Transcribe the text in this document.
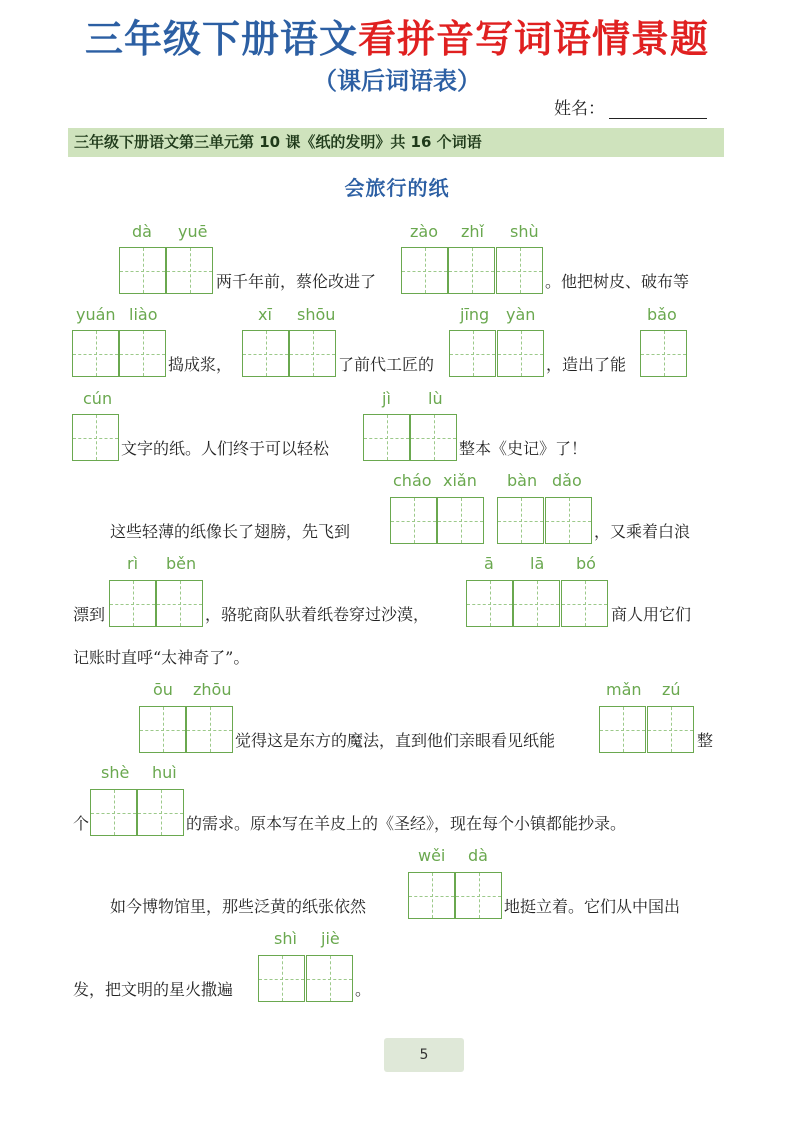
三年级下册语文看拼音写词语情景题
（课后词语表）
姓名：
三年级下册语文第三单元第 10 课《纸的发明》共 16 个词语
会旅行的纸
dà yuē
两千年前，蔡伦改进了
zào zhǐ shù
。他把树皮、破布等
yuán liào
捣成浆，
xī shōu
了前代工匠的
jīng yàn
，造出了能
bǎo
cún
文字的纸。人们终于可以轻松
jì lù
整本《史记》了！
cháo xiǎn
这些轻薄的纸像长了翅膀，先飞到
bàn dǎo
，又乘着白浪
rì běn
漂到	，骆驼商队驮着纸卷穿过沙漠，
ā lā bó
商人用它们
记账时直呼“太神奇了”。
ōu zhōu
觉得这是东方的魔法，直到他们亲眼看见纸能
mǎn zú
整
shè huì
个	的需求。原本写在羊皮上的《圣经》，现在每个小镇都能抄录。
wěi dà
如今博物馆里，那些泛黄的纸张依然	地挺立着。它们从中国出
shì jiè
发，把文明的星火撒遍	。
5
